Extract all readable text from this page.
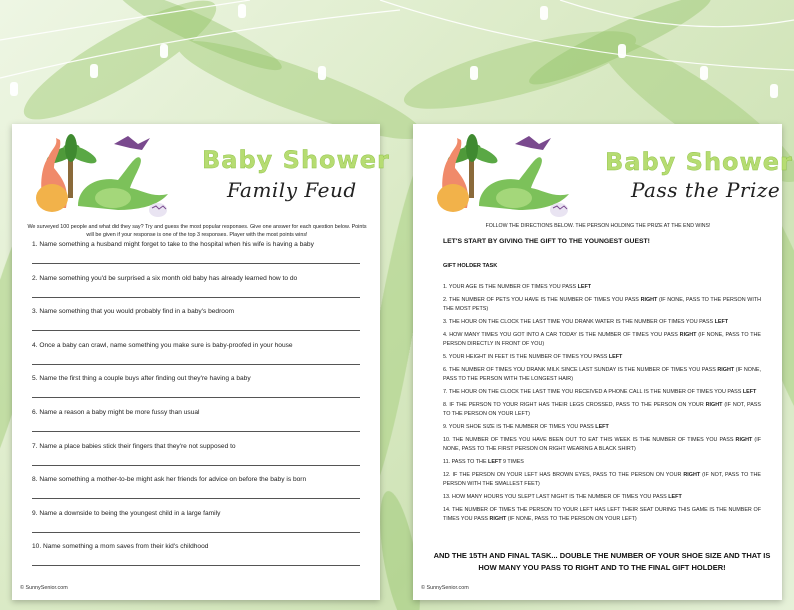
Baby Shower
Family Feud
We surveyed 100 people and what did they say? Try and guess the most popular responses. Give one answer for each question below. Points will be given if your response is one of the top 3 responses. Player with the most points wins!
1. Name something a husband might forget to take to the hospital when his wife is having a baby
2. Name something you'd be surprised a six month old baby has already learned how to do
3. Name something that you would probably find in a baby's bedroom
4. Once a baby can crawl, name something you make sure is baby-proofed in your house
5. Name the first thing a couple buys after finding out they're having a baby
6. Name a reason a baby might be more fussy than usual
7. Name a place babies stick their fingers that they're not supposed to
8. Name something a mother-to-be might ask her friends for advice on before the baby is born
9. Name a downside to being the youngest child in a large family
10. Name something a mom saves from their kid's childhood
© SunnySenior.com
Baby Shower
Pass the Prize
FOLLOW THE DIRECTIONS BELOW. THE PERSON HOLDING THE PRIZE AT THE END WINS!
LET'S START BY GIVING THE GIFT TO THE YOUNGEST GUEST!
GIFT HOLDER TASK
1. YOUR AGE IS THE NUMBER OF TIMES YOU PASS LEFT
2. THE NUMBER OF PETS YOU HAVE IS THE NUMBER OF TIMES YOU PASS RIGHT (IF NONE, PASS TO THE PERSON WITH THE MOST PETS)
3. THE HOUR ON THE CLOCK THE LAST TIME YOU DRANK WATER IS THE NUMBER OF TIMES YOU PASS LEFT
4. HOW MANY TIMES YOU GOT INTO A CAR TODAY IS THE NUMBER OF TIMES YOU PASS RIGHT (IF NONE, PASS TO THE PERSON DIRECTLY IN FRONT OF YOU)
5. YOUR HEIGHT IN FEET IS THE NUMBER OF TIMES YOU PASS LEFT
6. THE NUMBER OF TIMES YOU DRANK MILK SINCE LAST SUNDAY IS THE NUMBER OF TIMES YOU PASS RIGHT (IF NONE, PASS TO THE PERSON WITH THE LONGEST HAIR)
7. THE HOUR ON THE CLOCK THE LAST TIME YOU RECEIVED A PHONE CALL IS THE NUMBER OF TIMES YOU PASS LEFT
8. IF THE PERSON TO YOUR RIGHT HAS THEIR LEGS CROSSED, PASS TO THE PERSON ON YOUR RIGHT (IF NOT, PASS TO THE PERSON ON YOUR LEFT)
9. YOUR SHOE SIZE IS THE NUMBER OF TIMES YOU PASS LEFT
10. THE NUMBER OF TIMES YOU HAVE BEEN OUT TO EAT THIS WEEK IS THE NUMBER OF TIMES YOU PASS RIGHT (IF NONE, PASS TO THE FIRST PERSON ON RIGHT WEARING A BLACK SHIRT)
11. PASS TO THE LEFT 9 TIMES
12. IF THE PERSON ON YOUR LEFT HAS BROWN EYES, PASS TO THE PERSON ON YOUR RIGHT (IF NOT, PASS TO THE PERSON WITH THE SMALLEST FEET)
13. HOW MANY HOURS YOU SLEPT LAST NIGHT IS THE NUMBER OF TIMES YOU PASS LEFT
14. THE NUMBER OF TIMES THE PERSON TO YOUR LEFT HAS LEFT THEIR SEAT DURING THIS GAME IS THE NUMBER OF TIMES YOU PASS RIGHT (IF NONE, PASS TO THE PERSON ON YOUR LEFT)
AND THE 15TH AND FINAL TASK... DOUBLE THE NUMBER OF YOUR SHOE SIZE AND THAT IS HOW MANY YOU PASS TO RIGHT AND TO THE FINAL GIFT HOLDER!
© SunnySenior.com
